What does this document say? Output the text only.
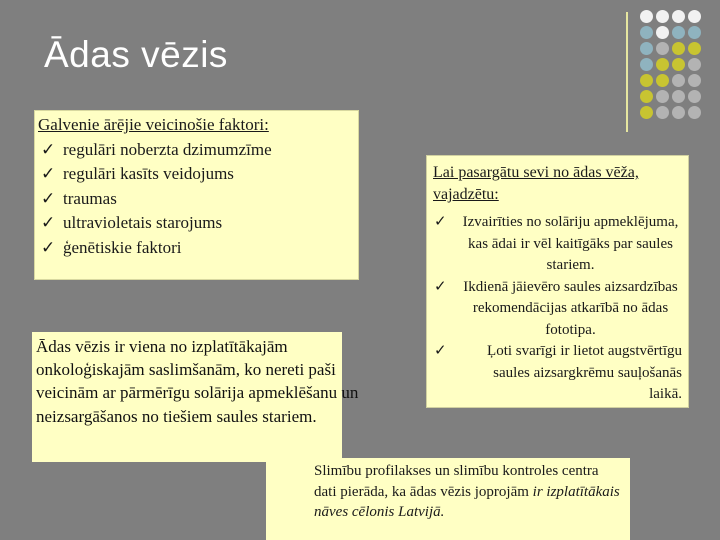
Ādas vēzis
Galvenie ārējie veicinošie faktori:
✓ regulāri noberzta dzimumzīme
✓ regulāri kasīts veidojums
✓ traumas
✓ ultravioletais starojums
✓ ģenētiskie faktori
Ādas vēzis ir viena no izplatītākajām onkoloģiskajām saslimšanām, ko nereti paši veicinām ar pārmērīgu solārija apmeklēšanu un neizsargāšanos no tiešiem saules stariem.
Lai pasargātu sevi no ādas vēža, vajadzētu:
✓ Izvairīties no solāriju apmeklējuma, kas ādai ir vēl kaitīgāks par saules stariem.
✓ Ikdienā jāievēro saules aizsardzības rekomendācijas atkarībā no ādas fototipa.
✓	Ļoti svarīgi ir lietot augstvērtīgu saules aizsargkrēmu sauļošanās laikā.
Slimību profilakses un slimību kontroles centra dati pierāda, ka ādas vēzis joprojām ir izplatītākais nāves cēlonis Latvijā.
